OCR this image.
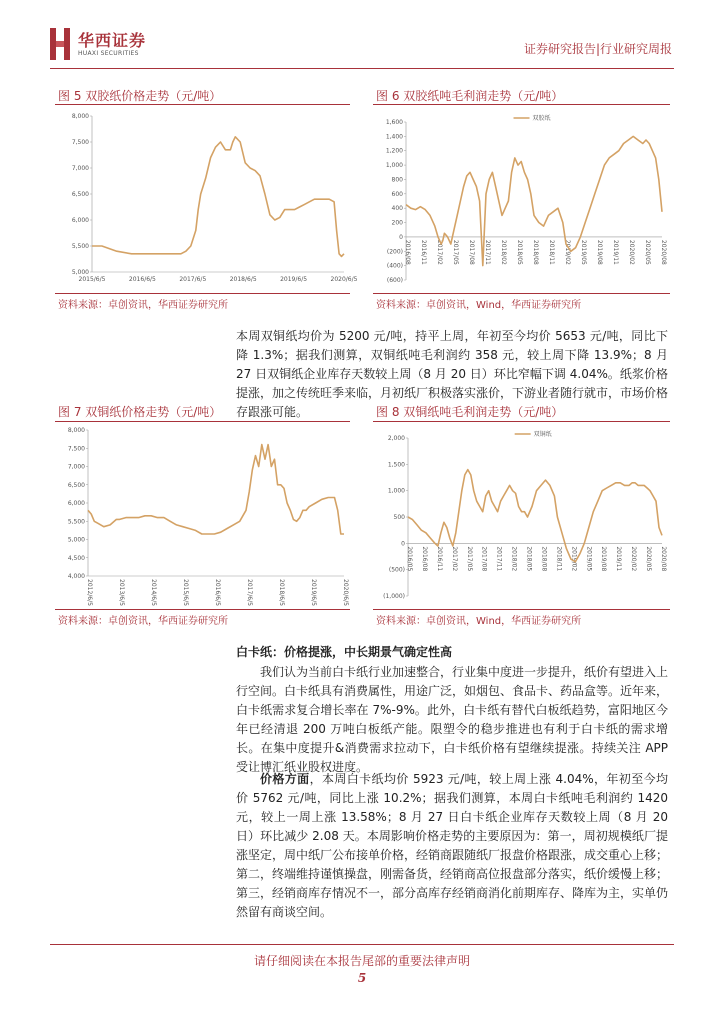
华西证券
HUAXI SECURITIES	证券研究报告|行业研究周报
图 5 双胶纸价格走势（元/吨）
8,000
7,500
7,000
6,500
6,000
5,500
5,000
2015/6/5	2016/6/5	2017/6/5	2018/6/5	2019/6/5	2020/6/5
资料来源：卓创资讯，华西证券研究所
图 6 双胶纸吨毛利润走势（元/吨）
1,600
1,400
1,200
1,000
800
600
400
200
0
(200)
(400)
(600)
2016/08 2016/11 2017/02 2017/05 2017/08 2017/11 2018/02 2018/05 2018/08 2018/11 2019/02 2019/05 2019/08 2019/11 2020/02 2020/05 2020/08
双胶纸
资料来源：卓创资讯，Wind，华西证券研究所
本周双铜纸均价为 5200 元/吨，持平上周，年初至今均价 5653 元/吨，同比下降 1.3%；据我们测算，双铜纸吨毛利润约 358 元，较上周下降 13.9%；8 月 27 日双铜纸企业库存天数较上周（8 月 20 日）环比窄幅下调 4.04%。纸浆价格提涨，加之传统旺季来临，月初纸厂积极落实涨价，下游业者随行就市，市场价格存跟涨可能。
图 7 双铜纸价格走势（元/吨）
8,000
7,500
7,000
6,500
6,000
5,500
5,000
4,500
4,000
2012/6/5	2013/6/5	2014/6/5	2015/6/5	2016/6/5	2017/6/5	2018/6/5	2019/6/5	2020/6/5
资料来源：卓创资讯，华西证券研究所
图 8 双铜纸吨毛利润走势（元/吨）
2,000
1,500
1,000
500
0
(500)
(1,000)
2016/05 2016/08 2016/11 2017/02 2017/05 2017/08 2017/11 2018/02 2018/05 2018/08 2018/11 2019/02 2019/05 2019/08 2019/11 2020/02 2020/05 2020/08
双铜纸
资料来源：卓创资讯，Wind，华西证券研究所
白卡纸：价格提涨，中长期景气确定性高
我们认为当前白卡纸行业加速整合，行业集中度进一步提升，纸价有望进入上行空间。白卡纸具有消费属性，用途广泛，如烟包、食品卡、药品盒等。近年来，白卡纸需求复合增长率在 7%-9%。此外，白卡纸有替代白板纸趋势，富阳地区今年已经清退 200 万吨白板纸产能。限塑令的稳步推进也有利于白卡纸的需求增长。在集中度提升&消费需求拉动下，白卡纸价格有望继续提涨。持续关注 APP 受让博汇纸业股权进度。
价格方面，本周白卡纸均价 5923 元/吨，较上周上涨 4.04%，年初至今均价 5762 元/吨，同比上涨 10.2%；据我们测算，本周白卡纸吨毛利润约 1420 元，较上一周上涨 13.58%；8 月 27 日白卡纸企业库存天数较上周（8 月 20 日）环比减少 2.08 天。本周影响价格走势的主要原因为：第一，周初规模纸厂提涨坚定，周中纸厂公布接单价格，经销商跟随纸厂报盘价格跟涨，成交重心上移；第二，终端维持谨慎操盘，刚需备货，经销商高位报盘部分落实，纸价缓慢上移；第三，经销商库存情况不一，部分高库存经销商消化前期库存、降库为主，实单仍然留有商谈空间。
请仔细阅读在本报告尾部的重要法律声明
5
